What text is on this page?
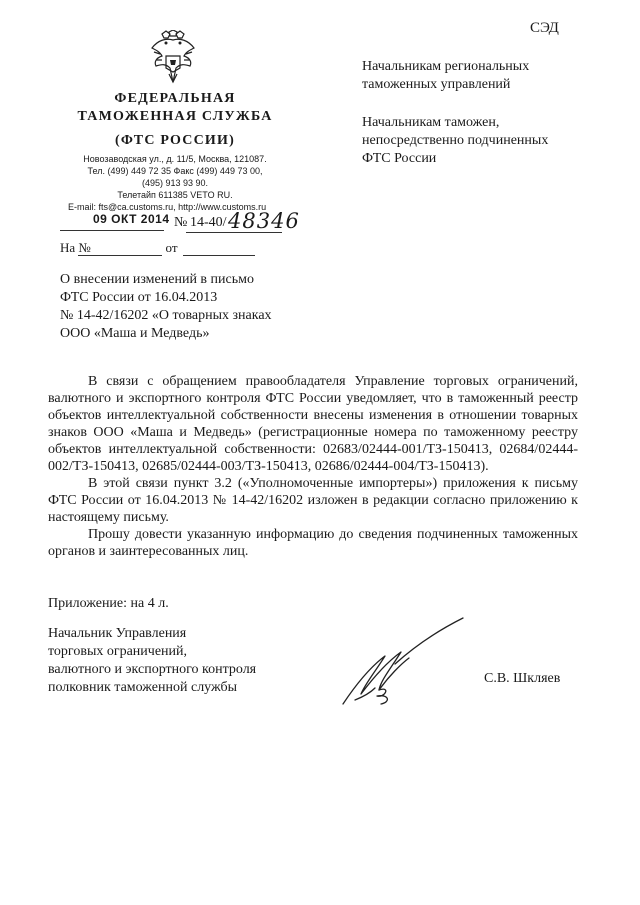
СЭД
ФЕДЕРАЛЬНАЯ
ТАМОЖЕННАЯ СЛУЖБА
(ФТС РОССИИ)
Новозаводская ул., д. 11/5, Москва, 121087.
Тел. (499) 449 72 35 Факс (499) 449 73 00,
(495) 913 93 90.
Телетайп 611385 VETO RU.
E-mail: fts@ca.customs.ru, http://www.customs.ru
09 ОКТ 2014 № 14-40/ 48346
На №                       от
Начальникам региональных
таможенных управлений
Начальникам таможен,
непосредственно подчиненных
ФТС России
О внесении изменений в письмо
ФТС России от 16.04.2013
№ 14-42/16202 «О товарных знаках
ООО «Маша и Медведь»

В связи с обращением правообладателя Управление торговых ограничений, валютного и экспортного контроля ФТС России уведомляет, что в таможенный реестр объектов интеллектуальной собственности внесены изменения в отношении товарных знаков ООО «Маша и Медведь» (регистрационные номера по таможенному реестру объектов интеллектуальной собственности: 02683/02444-001/ТЗ-150413, 02684/02444-002/ТЗ-150413, 02685/02444-003/ТЗ-150413, 02686/02444-004/ТЗ-150413).

В этой связи пункт 3.2 («Уполномоченные импортеры») приложения к письму ФТС России от 16.04.2013 № 14-42/16202 изложен в редакции согласно приложению к настоящему письму.

Прошу довести указанную информацию до сведения подчиненных таможенных органов и заинтересованных лиц.

Приложение: на 4 л.
Начальник Управления
торговых ограничений,
валютного и экспортного контроля
полковник таможенной службы
С.В. Шкляев
